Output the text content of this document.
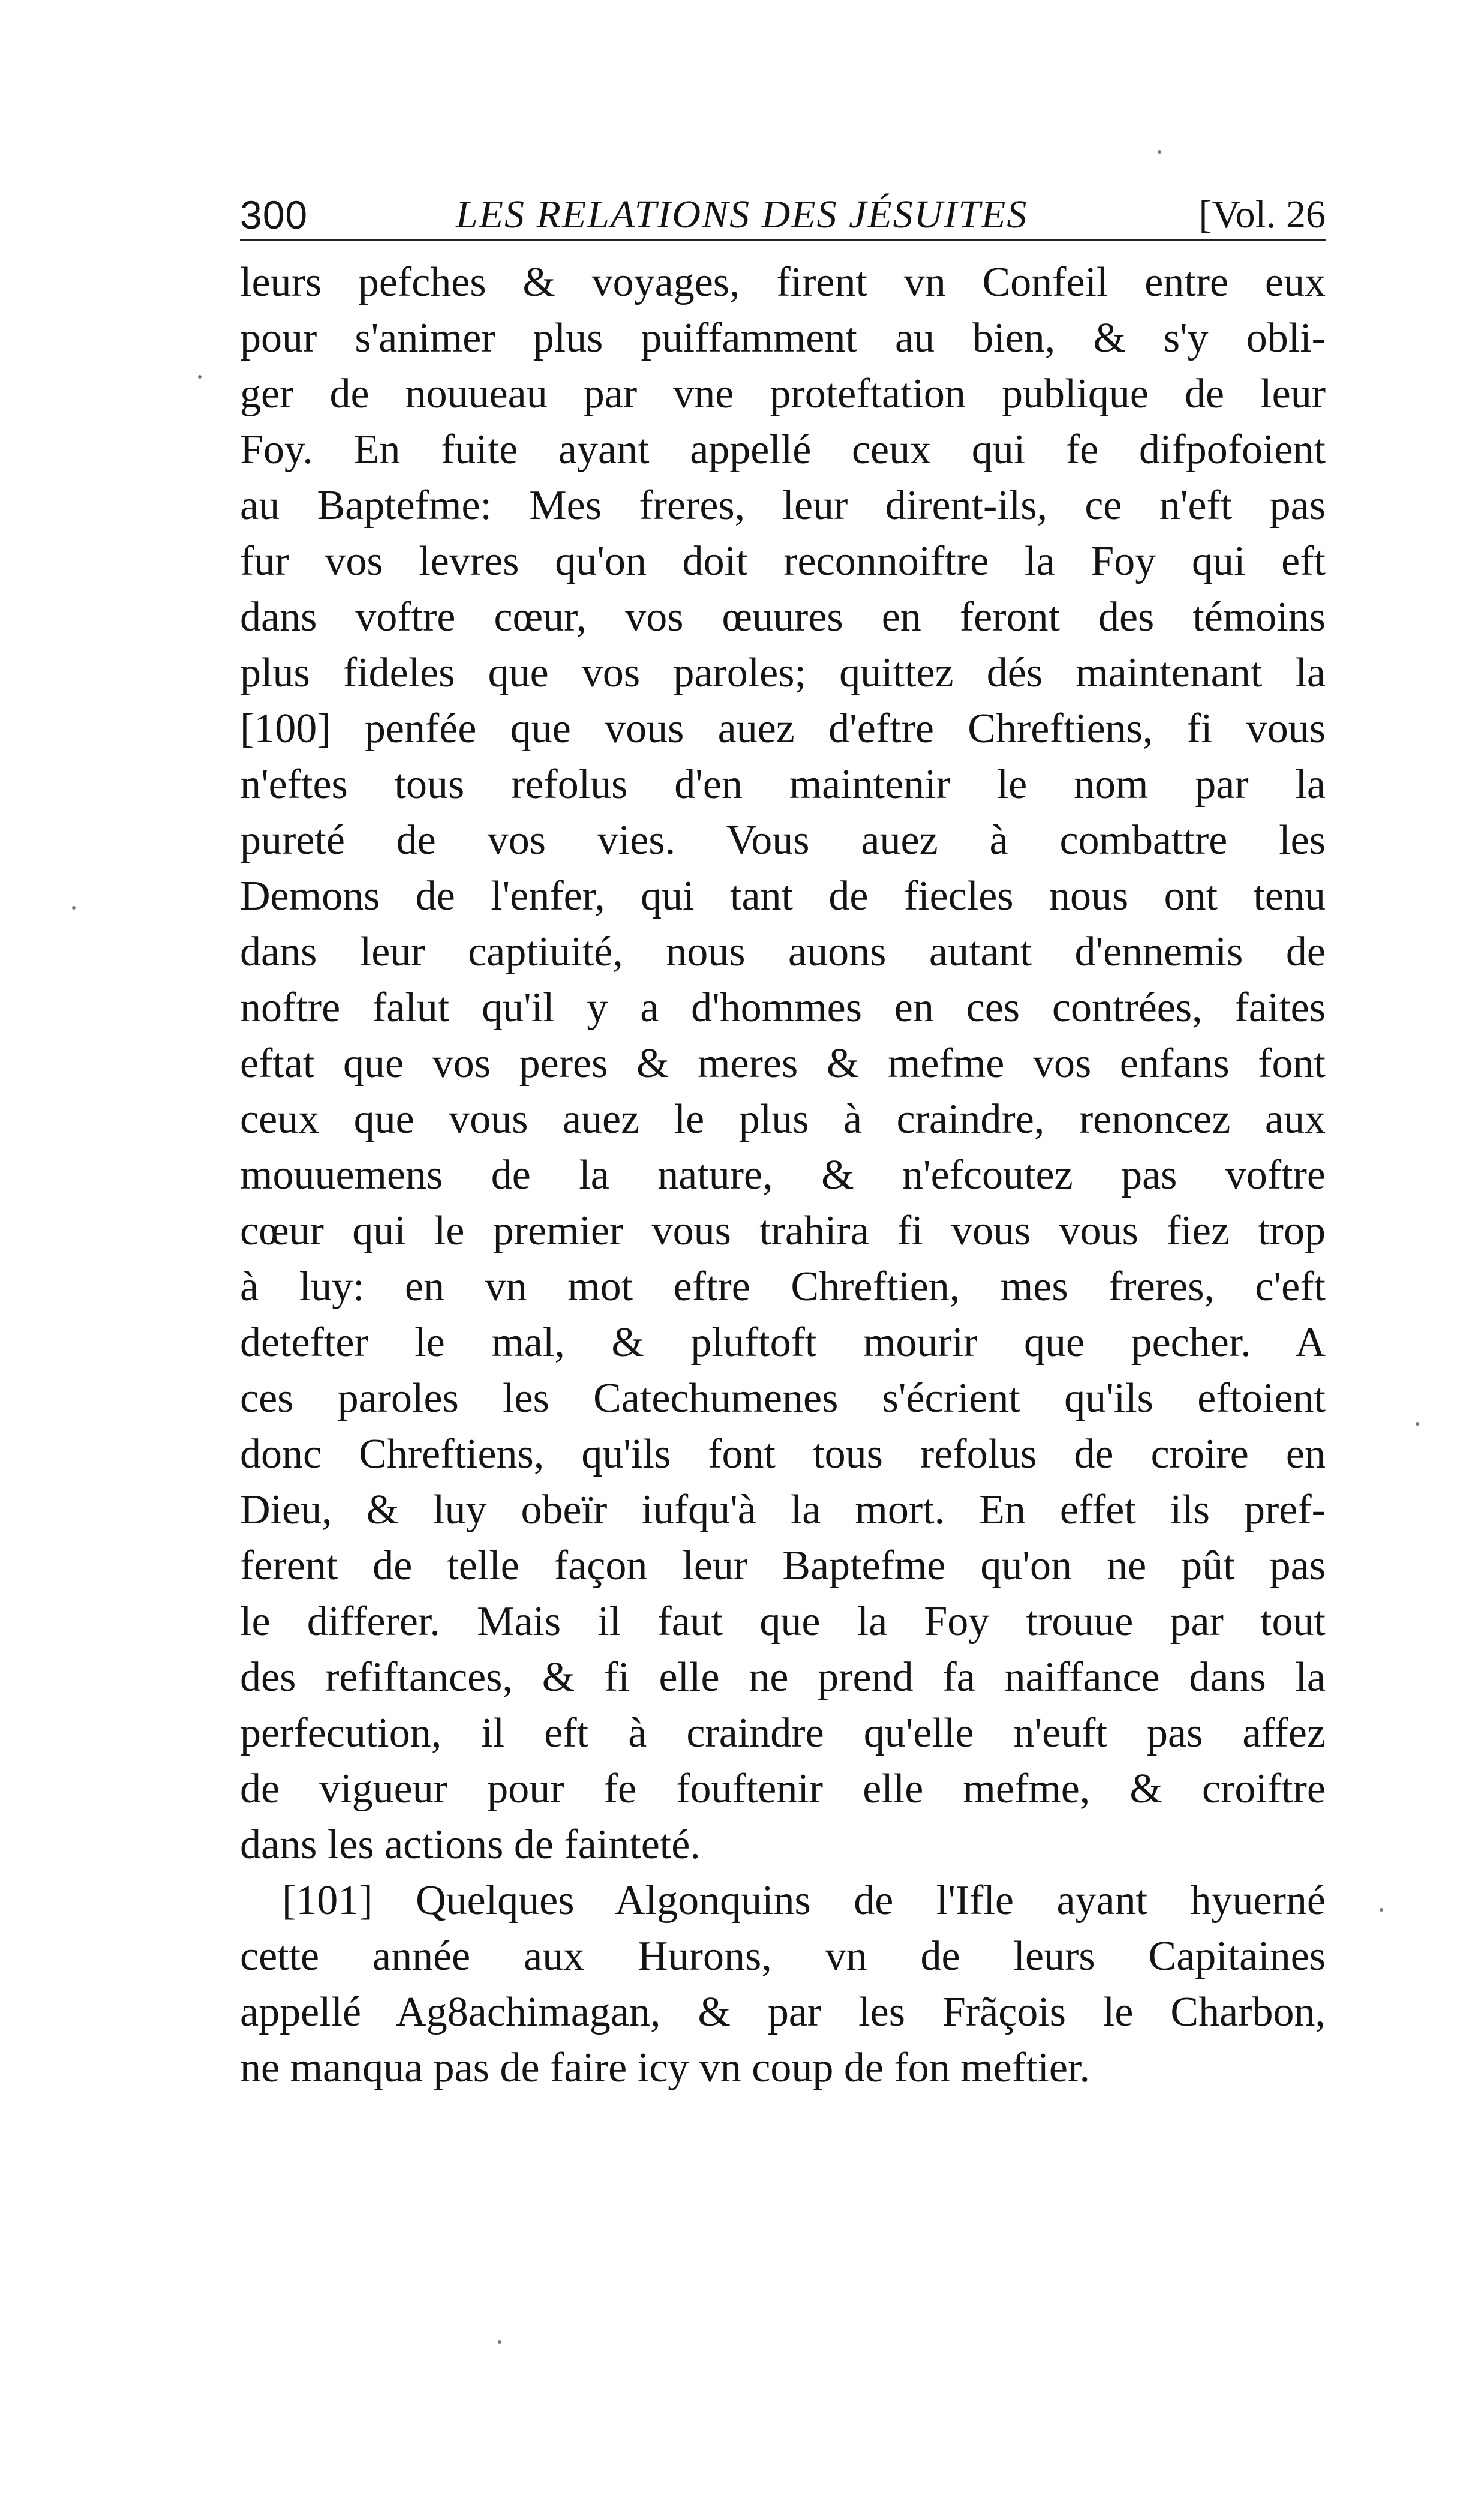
300	LES RELATIONS DES JÉSUITES	[Vol. 26
leurs pefches & voyages, firent vn Confeil entre eux
pour s'animer plus puiffamment au bien, & s'y obli-
ger de nouueau par vne proteftation publique de leur
Foy. En fuite ayant appellé ceux qui fe difpofoient
au Baptefme: Mes freres, leur dirent-ils, ce n'eft pas
fur vos levres qu'on doit reconnoiftre la Foy qui eft
dans voftre cœur, vos œuures en feront des témoins
plus fideles que vos paroles; quittez dés maintenant la
[100] penfée que vous auez d'eftre Chreftiens, fi vous
n'eftes tous refolus d'en maintenir le nom par la
pureté de vos vies. Vous auez à combattre les
Demons de l'enfer, qui tant de fiecles nous ont tenu
dans leur captiuité, nous auons autant d'ennemis de
noftre falut qu'il y a d'hommes en ces contrées, faites
eftat que vos peres & meres & mefme vos enfans font
ceux que vous auez le plus à craindre, renoncez aux
mouuemens de la nature, & n'efcoutez pas voftre
cœur qui le premier vous trahira fi vous vous fiez trop
à luy: en vn mot eftre Chreftien, mes freres, c'eft
detefter le mal, & pluftoft mourir que pecher. A
ces paroles les Catechumenes s'écrient qu'ils eftoient
donc Chreftiens, qu'ils font tous refolus de croire en
Dieu, & luy obeïr iufqu'à la mort. En effet ils pref-
ferent de telle façon leur Baptefme qu'on ne pût pas
le differer. Mais il faut que la Foy trouue par tout
des refiftances, & fi elle ne prend fa naiffance dans la
perfecution, il eft à craindre qu'elle n'euft pas affez
de vigueur pour fe fouftenir elle mefme, & croiftre
dans les actions de fainteté.
[101] Quelques Algonquins de l'Ifle ayant hyuerné
cette année aux Hurons, vn de leurs Capitaines
appellé Ag8achimagan, & par les Frãçois le Charbon,
ne manqua pas de faire icy vn coup de fon meftier.
